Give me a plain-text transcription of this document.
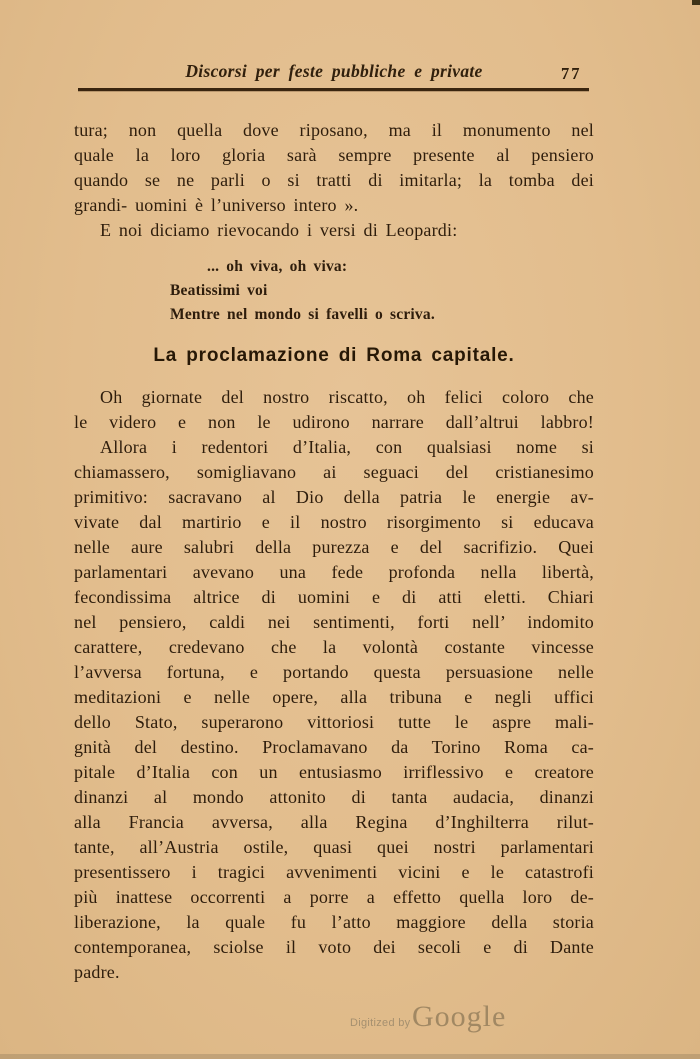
Discorsi per feste pubbliche e private	77
tura; non quella dove riposano, ma il monumento nel
quale la loro gloria sarà sempre presente al pensiero
quando se ne parli o si tratti di imitarla; la tomba dei
grandi- uomini è l’universo intero ».
E noi diciamo rievocando i versi di Leopardi:
... oh viva, oh viva:
Beatissimi voi
Mentre nel mondo si favelli o scriva.
La proclamazione di Roma capitale.
Oh giornate del nostro riscatto, oh felici coloro che
le videro e non le udirono narrare dall’altrui labbro!
Allora i redentori d’Italia, con qualsiasi nome si
chiamassero, somigliavano ai seguaci del cristianesimo
primitivo: sacravano al Dio della patria le energie av-
vivate dal martirio e il nostro risorgimento si educava
nelle aure salubri della purezza e del sacrifizio. Quei
parlamentari avevano una fede profonda nella libertà,
fecondissima altrice di uomini e di atti eletti. Chiari
nel pensiero, caldi nei sentimenti, forti nell’ indomito
carattere, credevano che la volontà costante vincesse
l’avversa fortuna, e portando questa persuasione nelle
meditazioni e nelle opere, alla tribuna e negli uffici
dello Stato, superarono vittoriosi tutte le aspre mali-
gnità del destino. Proclamavano da Torino Roma ca-
pitale d’Italia con un entusiasmo irriflessivo e creatore
dinanzi al mondo attonito di tanta audacia, dinanzi
alla Francia avversa, alla Regina d’Inghilterra rilut-
tante, all’Austria ostile, quasi quei nostri parlamentari
presentissero i tragici avvenimenti vicini e le catastrofi
più inattese occorrenti a porre a effetto quella loro de-
liberazione, la quale fu l’atto maggiore della storia
contemporanea, sciolse il voto dei secoli e di Dante
padre.
Digitized by Google
